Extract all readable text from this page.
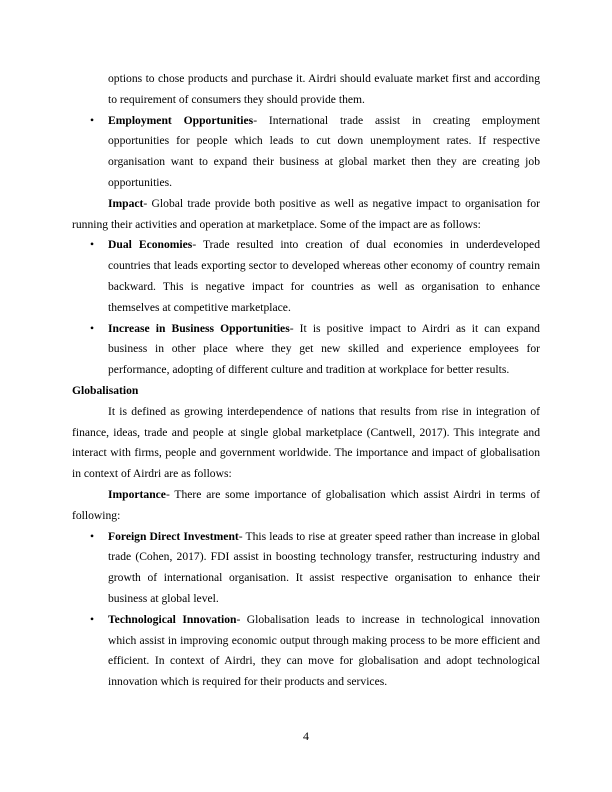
options to chose products and purchase it. Airdri should evaluate market first and according to requirement of consumers they should provide them.

• Employment Opportunities- International trade assist in creating employment opportunities for people which leads to cut down unemployment rates. If respective organisation want to expand their business at global market then they are creating job opportunities.

Impact- Global trade provide both positive as well as negative impact to organisation for running their activities and operation at marketplace. Some of the impact are as follows:

• Dual Economies- Trade resulted into creation of dual economies in underdeveloped countries that leads exporting sector to developed whereas other economy of country remain backward. This is negative impact for countries as well as organisation to enhance themselves at competitive marketplace.
• Increase in Business Opportunities- It is positive impact to Airdri as it can expand business in other place where they get new skilled and experience employees for performance, adopting of different culture and tradition at workplace for better results.

Globalisation

It is defined as growing interdependence of nations that results from rise in integration of finance, ideas, trade and people at single global marketplace (Cantwell, 2017). This integrate and interact with firms, people and government worldwide. The importance and impact of globalisation in context of Airdri are as follows:

Importance- There are some importance of globalisation which assist Airdri in terms of following:

• Foreign Direct Investment- This leads to rise at greater speed rather than increase in global trade (Cohen, 2017). FDI assist in boosting technology transfer, restructuring industry and growth of international organisation. It assist respective organisation to enhance their business at global level.
• Technological Innovation- Globalisation leads to increase in technological innovation which assist in improving economic output through making process to be more efficient and efficient. In context of Airdri, they can move for globalisation and adopt technological innovation which is required for their products and services.
4
